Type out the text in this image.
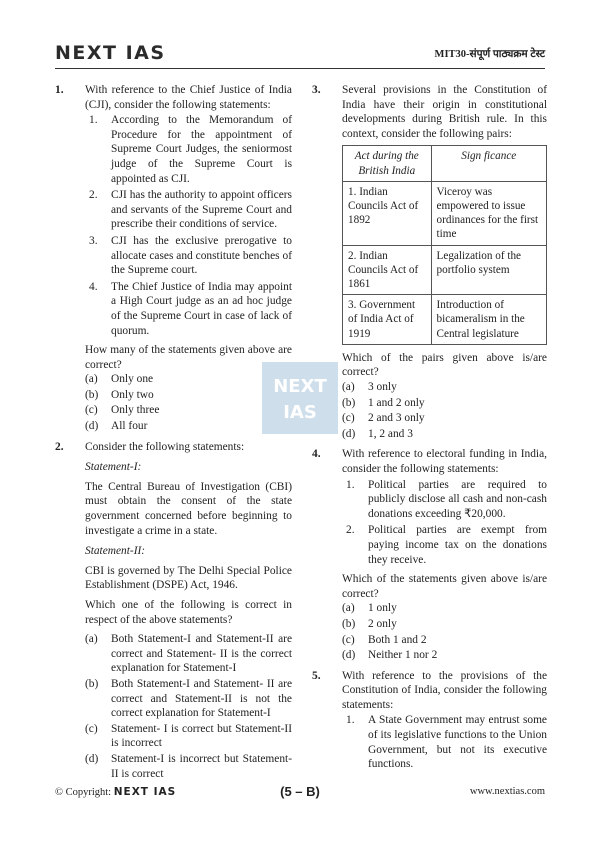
NEXT IAS	MIT30-संपूर्ण पाठ्यक्रम टेस्ट
NEXT
IAS
1. With reference to the Chief Justice of India (CJI), consider the following statements:
1. According to the Memorandum of Procedure for the appointment of Supreme Court Judges, the seniormost judge of the Supreme Court is appointed as CJI.
2. CJI has the authority to appoint officers and servants of the Supreme Court and prescribe their conditions of service.
3. CJI has the exclusive prerogative to allocate cases and constitute benches of the Supreme court.
4. The Chief Justice of India may appoint a High Court judge as an ad hoc judge of the Supreme Court in case of lack of quorum.
How many of the statements given above are correct?
(a) Only one
(b) Only two
(c) Only three
(d) All four
2. Consider the following statements:
Statement-I:

The Central Bureau of Investigation (CBI) must obtain the consent of the state government concerned before beginning to investigate a crime in a state.

Statement-II:

CBI is governed by The Delhi Special Police Establishment (DSPE) Act, 1946.

Which one of the following is correct in respect of the above statements?

(a) Both Statement-I and Statement-II are correct and Statement- II is the correct explanation for Statement-I
(b) Both Statement-I and Statement- II are correct and Statement-II is not the correct explanation for Statement-I
(c) Statement- I is correct but Statement-II is incorrect
(d) Statement-I is incorrect but Statement-II is correct
3. Several provisions in the Constitution of India have their origin in constitutional developments during British rule. In this context, consider the following pairs:
Act during the British India	Sign ficance
1. Indian Councils Act of 1892	Viceroy was empowered to issue ordinances for the first time
2. Indian Councils Act of 1861	Legalization of the portfolio system
3. Government of India Act of 1919	Introduction of bicameralism in the Central legislature
Which of the pairs given above is/are correct?
(a) 3 only
(b) 1 and 2 only
(c) 2 and 3 only
(d) 1, 2 and 3
4. With reference to electoral funding in India, consider the following statements:
1. Political parties are required to publicly disclose all cash and non-cash donations exceeding ₹20,000.
2. Political parties are exempt from paying income tax on the donations they receive.
Which of the statements given above is/are correct?
(a) 1 only
(b) 2 only
(c) Both 1 and 2
(d) Neither 1 nor 2
5. With reference to the provisions of the Constitution of India, consider the following statements:
1. A State Government may entrust some of its legislative functions to the Union Government, but not its executive functions.
© Copyright: NEXT IAS	(5 – B)	www.nextias.com
